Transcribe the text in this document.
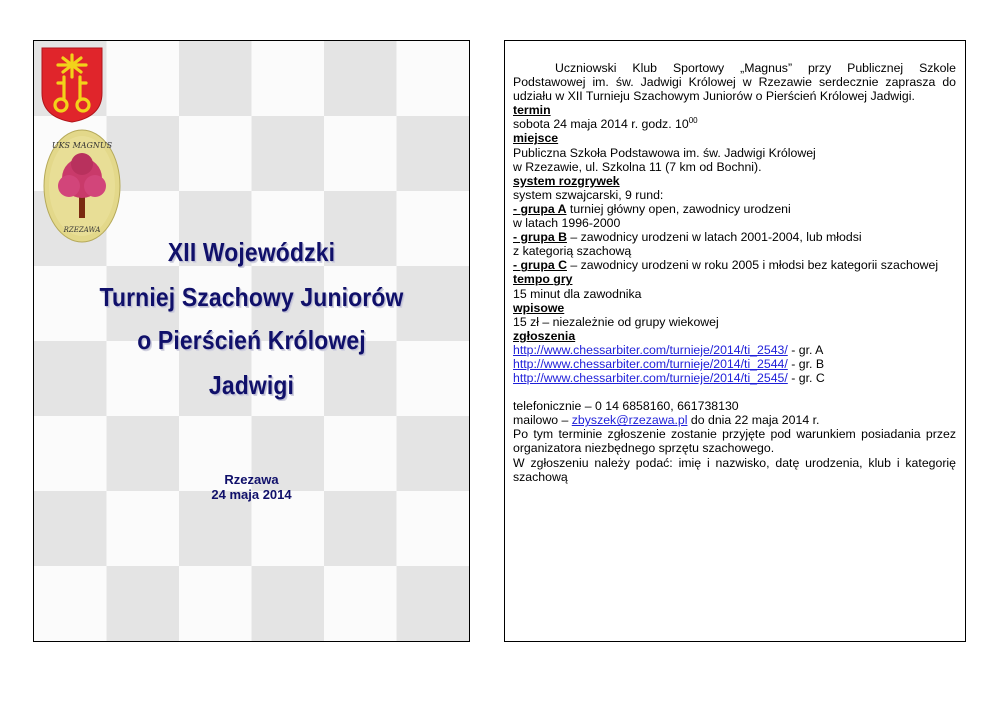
UKS MAGNUS
RZEZAWA
XII Wojewódzki
Turniej Szachowy Juniorów
o Pierścień Królowej
Jadwigi
Rzezawa
24 maja 2014

Uczniowski Klub Sportowy „Magnus” przy Publicznej Szkole Podstawowej im. św. Jadwigi Królowej w Rzezawie serdecznie zaprasza do udziału w XII Turnieju Szachowym Juniorów o Pierścień Królowej Jadwigi.

termin

sobota 24 maja 2014 r. godz. $10^{00}$

miejsce

Publiczna Szkoła Podstawowa im. św. Jadwigi Królowej

w Rzezawie, ul. Szkolna 11 (7 km od Bochni).

system rozgrywek

system szwajcarski, 9 rund:

- grupa A turniej główny open, zawodnicy urodzeni

w latach 1996-2000

- grupa B – zawodnicy urodzeni w latach 2001-2004, lub młodsi

z kategorią szachową

- grupa C – zawodnicy urodzeni w roku 2005 i młodsi bez kategorii szachowej

tempo gry

15 minut dla zawodnika

wpisowe

15 zł – niezależnie od grupy wiekowej

zgłoszenia

http://www.chessarbiter.com/turnieje/2014/ti_2543/ - gr. A

http://www.chessarbiter.com/turnieje/2014/ti_2544/ - gr. B

http://www.chessarbiter.com/turnieje/2014/ti_2545/ - gr. C

telefonicznie – 0 14 6858160, 661738130

mailowo – zbyszek@rzezawa.pl do dnia 22 maja 2014 r.

Po tym terminie zgłoszenie zostanie przyjęte pod warunkiem posiadania przez organizatora niezbędnego sprzętu szachowego.

W zgłoszeniu należy podać: imię i nazwisko, datę urodzenia, klub i kategorię szachową
